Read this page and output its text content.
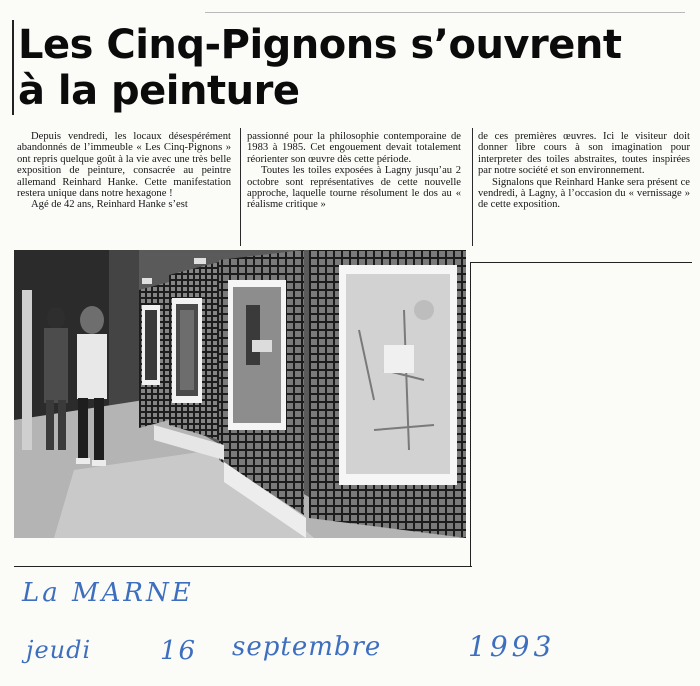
Les Cinq-Pignons s’ouvrent
à la peinture

Depuis vendredi, les locaux désespérément abandonnés de l’immeuble « Les Cinq-Pignons » ont repris quelque goût à la vie avec une très belle exposition de peinture, consacrée au peintre allemand Reinhard Hanke. Cette manifestation restera unique dans notre hexagone !

Agé de 42 ans, Reinhard Hanke s’est

passionné pour la philosophie contemporaine de 1983 à 1985. Cet engouement devait totalement réorienter son œuvre dès cette période.

Toutes les toiles exposées à Lagny jusqu’au 2 octobre sont représentatives de cette nouvelle approche, laquelle tourne résolument le dos au « réalisme critique »

de ces premières œuvres. Ici le visiteur doit donner libre cours à son imagination pour interpreter des toiles abstraites, toutes inspirées par notre société et son environnement.

Signalons que Reinhard Hanke sera présent ce vendredi, à Lagny, à l’occasion du « vernissage » de cette exposition.

La MARNE
jeudi	16 septembre	1993
